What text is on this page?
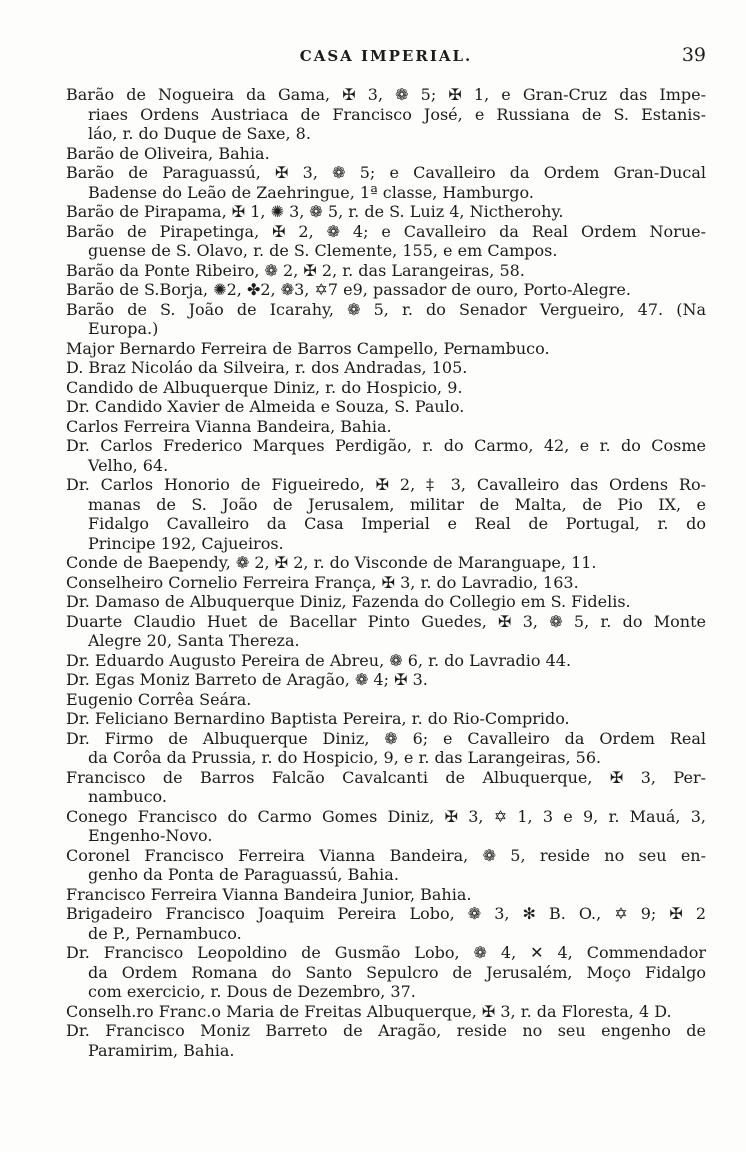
CASA IMPERIAL.	39
Barão de Nogueira da Gama, ✠ 3, ❁ 5; ✠ 1, e Gran-Cruz das Impe-
riaes Ordens Austriaca de Francisco José, e Russiana de S. Estanis-
láo, r. do Duque de Saxe, 8.
Barão de Oliveira, Bahia.
Barão de Paraguassú, ✠ 3, ❁ 5; e Cavalleiro da Ordem Gran-Ducal
Badense do Leão de Zaehringue, 1ª classe, Hamburgo.
Barão de Pirapama, ✠ 1, ✺ 3, ❁ 5, r. de S. Luiz 4, Nictherohy.
Barão de Pirapetinga, ✠ 2, ❁ 4; e Cavalleiro da Real Ordem Norue-
guense de S. Olavo, r. de S. Clemente, 155, e em Campos.
Barão da Ponte Ribeiro, ❁ 2, ✠ 2, r. das Larangeiras, 58.
Barão de S.Borja, ✺2, ✤2, ❁3, ✡7 e9, passador de ouro, Porto-Alegre.
Barão de S. João de Icarahy, ❁ 5, r. do Senador Vergueiro, 47. (Na
Europa.)
Major Bernardo Ferreira de Barros Campello, Pernambuco.
D. Braz Nicoláo da Silveira, r. dos Andradas, 105.
Candido de Albuquerque Diniz, r. do Hospicio, 9.
Dr. Candido Xavier de Almeida e Souza, S. Paulo.
Carlos Ferreira Vianna Bandeira, Bahia.
Dr. Carlos Frederico Marques Perdigão, r. do Carmo, 42, e r. do Cosme
Velho, 64.
Dr. Carlos Honorio de Figueiredo, ✠ 2, ‡ 3, Cavalleiro das Ordens Ro-
manas de S. João de Jerusalem, militar de Malta, de Pio IX, e
Fidalgo Cavalleiro da Casa Imperial e Real de Portugal, r. do
Principe 192, Cajueiros.
Conde de Baependy, ❁ 2, ✠ 2, r. do Visconde de Maranguape, 11.
Conselheiro Cornelio Ferreira França, ✠ 3, r. do Lavradio, 163.
Dr. Damaso de Albuquerque Diniz, Fazenda do Collegio em S. Fidelis.
Duarte Claudio Huet de Bacellar Pinto Guedes, ✠ 3, ❁ 5, r. do Monte
Alegre 20, Santa Thereza.
Dr. Eduardo Augusto Pereira de Abreu, ❁ 6, r. do Lavradio 44.
Dr. Egas Moniz Barreto de Aragão, ❁ 4; ✠ 3.
Eugenio Corrêa Seára.
Dr. Feliciano Bernardino Baptista Pereira, r. do Rio-Comprido.
Dr. Firmo de Albuquerque Diniz, ❁ 6; e Cavalleiro da Ordem Real
da Corôa da Prussia, r. do Hospicio, 9, e r. das Larangeiras, 56.
Francisco de Barros Falcão Cavalcanti de Albuquerque, ✠ 3, Per-
nambuco.
Conego Francisco do Carmo Gomes Diniz, ✠ 3, ✡ 1, 3 e 9, r. Mauá, 3,
Engenho-Novo.
Coronel Francisco Ferreira Vianna Bandeira, ❁ 5, reside no seu en-
genho da Ponta de Paraguassú, Bahia.
Francisco Ferreira Vianna Bandeira Junior, Bahia.
Brigadeiro Francisco Joaquim Pereira Lobo, ❁ 3, ✻ B. O., ✡ 9; ✠ 2
de P., Pernambuco.
Dr. Francisco Leopoldino de Gusmão Lobo, ❁ 4, ✕ 4, Commendador
da Ordem Romana do Santo Sepulcro de Jerusalém, Moço Fidalgo
com exercicio, r. Dous de Dezembro, 37.
Conselh.ro Franc.o Maria de Freitas Albuquerque, ✠ 3, r. da Floresta, 4 D.
Dr. Francisco Moniz Barreto de Aragão, reside no seu engenho de
Paramirim, Bahia.
